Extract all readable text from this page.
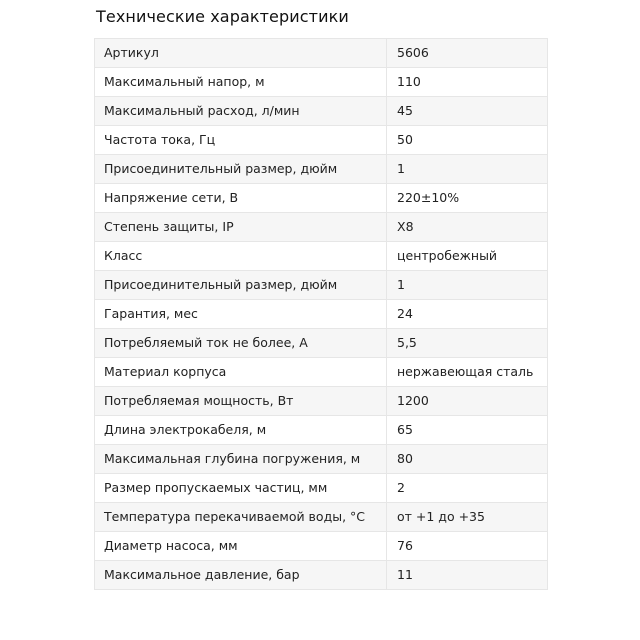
Технические характеристики
Артикул	5606
Максимальный напор, м	110
Максимальный расход, л/мин	45
Частота тока, Гц	50
Присоединительный размер, дюйм	1
Напряжение сети, В	220±10%
Степень защиты, IP	X8
Класс	центробежный
Присоединительный размер, дюйм	1
Гарантия, мес	24
Потребляемый ток не более, А	5,5
Материал корпуса	нержавеющая сталь
Потребляемая мощность, Вт	1200
Длина электрокабеля, м	65
Максимальная глубина погружения, м	80
Размер пропускаемых частиц, мм	2
Температура перекачиваемой воды, °С	от +1 до +35
Диаметр насоса, мм	76
Максимальное давление, бар	11
